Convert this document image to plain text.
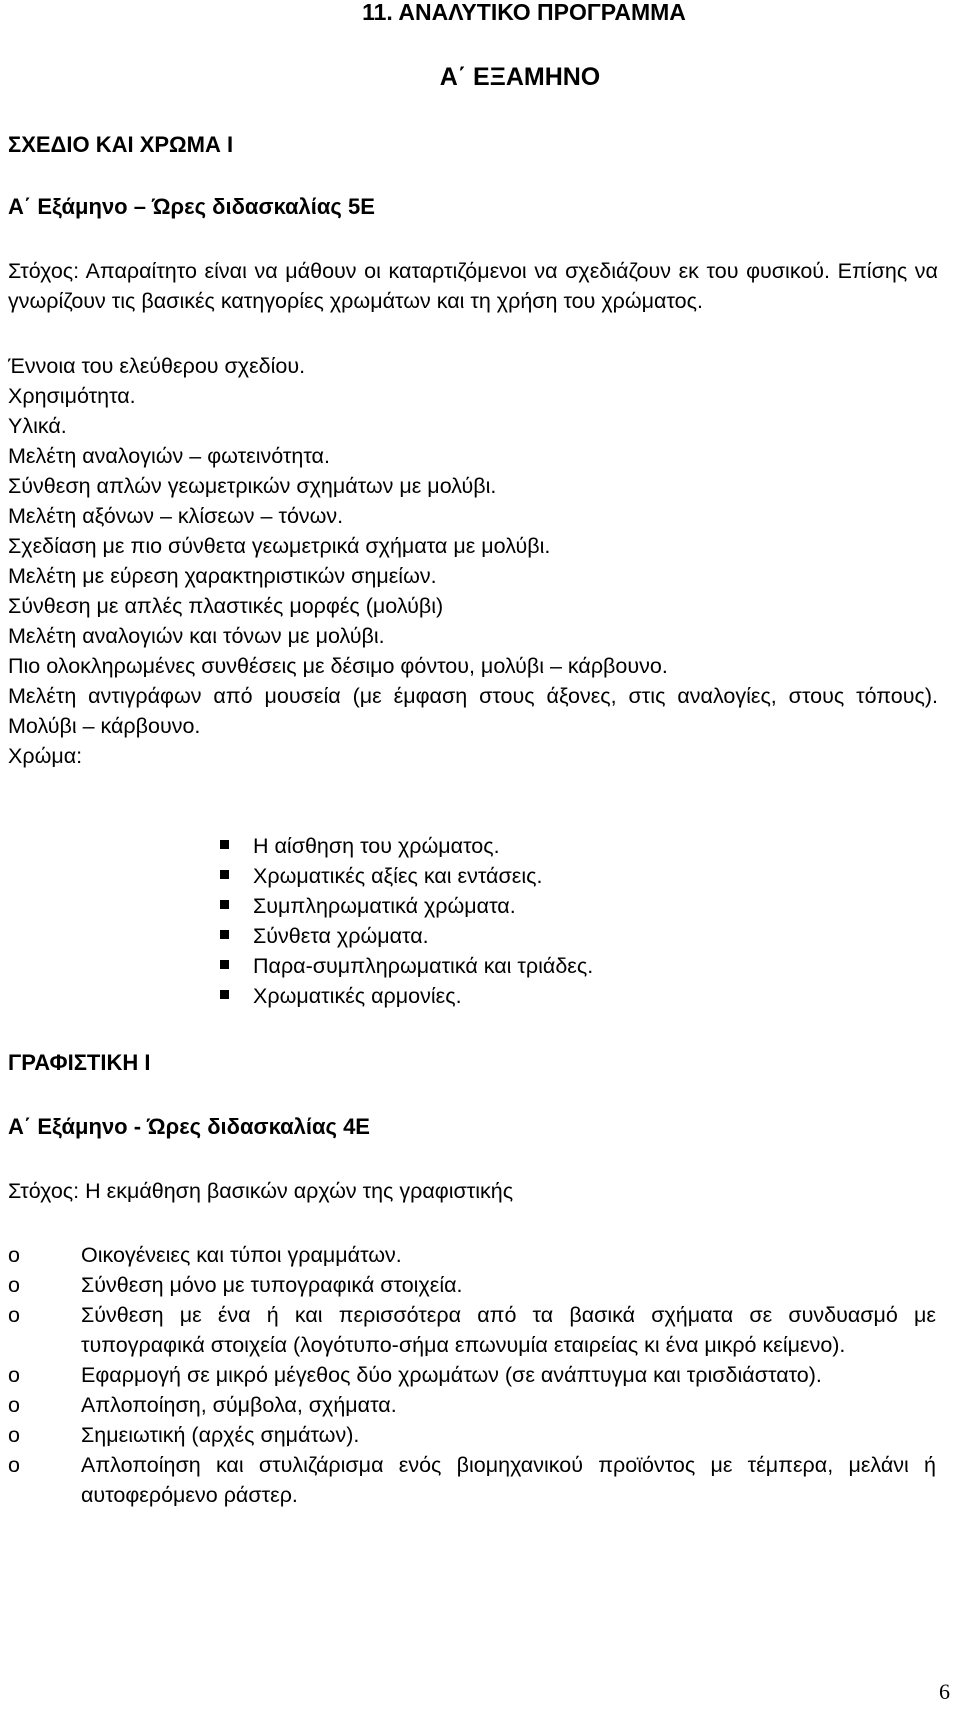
11. ΑΝΑΛΥΤΙΚΟ ΠΡΟΓΡΑΜΜΑ
Α΄ ΕΞΑΜΗΝΟ
ΣΧΕΔΙΟ ΚΑΙ ΧΡΩΜΑ Ι
Α΄ Εξάμηνο – Ώρες διδασκαλίας 5Ε
Στόχος: Απαραίτητο είναι να μάθουν οι καταρτιζόμενοι να σχεδιάζουν εκ του φυσικού. Επίσης να γνωρίζουν τις βασικές κατηγορίες χρωμάτων και τη χρήση του χρώματος.
Έννοια του ελεύθερου σχεδίου.
Χρησιμότητα.
Υλικά.
Μελέτη αναλογιών – φωτεινότητα.
Σύνθεση απλών γεωμετρικών σχημάτων με μολύβι.
Μελέτη αξόνων – κλίσεων – τόνων.
Σχεδίαση με πιο σύνθετα γεωμετρικά σχήματα με μολύβι.
Μελέτη με εύρεση χαρακτηριστικών σημείων.
Σύνθεση με απλές πλαστικές μορφές (μολύβι)
Μελέτη αναλογιών και τόνων με μολύβι.
Πιο ολοκληρωμένες συνθέσεις με δέσιμο φόντου, μολύβι – κάρβουνο.
Μελέτη αντιγράφων από μουσεία (με έμφαση στους άξονες, στις αναλογίες, στους τόπους). Μολύβι – κάρβουνο.
Χρώμα:
Η αίσθηση του χρώματος.
Χρωματικές αξίες και εντάσεις.
Συμπληρωματικά χρώματα.
Σύνθετα χρώματα.
Παρα-συμπληρωματικά και τριάδες.
Χρωματικές αρμονίες.
ΓΡΑΦΙΣΤΙΚΗ Ι
Α΄ Εξάμηνο - Ώρες διδασκαλίας 4Ε
Στόχος: Η εκμάθηση βασικών αρχών της γραφιστικής
o	Οικογένειες και τύποι γραμμάτων.
o	Σύνθεση μόνο με τυπογραφικά στοιχεία.
o	Σύνθεση με ένα ή και περισσότερα από τα βασικά σχήματα σε συνδυασμό με τυπογραφικά στοιχεία (λογότυπο-σήμα επωνυμία εταιρείας κι ένα μικρό κείμενο).
o	Εφαρμογή σε μικρό μέγεθος δύο χρωμάτων (σε ανάπτυγμα και τρισδιάστατο).
o	Απλοποίηση, σύμβολα, σχήματα.
o	Σημειωτική (αρχές σημάτων).
o	Απλοποίηση και στυλιζάρισμα ενός βιομηχανικού προϊόντος με τέμπερα, μελάνι ή αυτοφερόμενο ράστερ.
6
